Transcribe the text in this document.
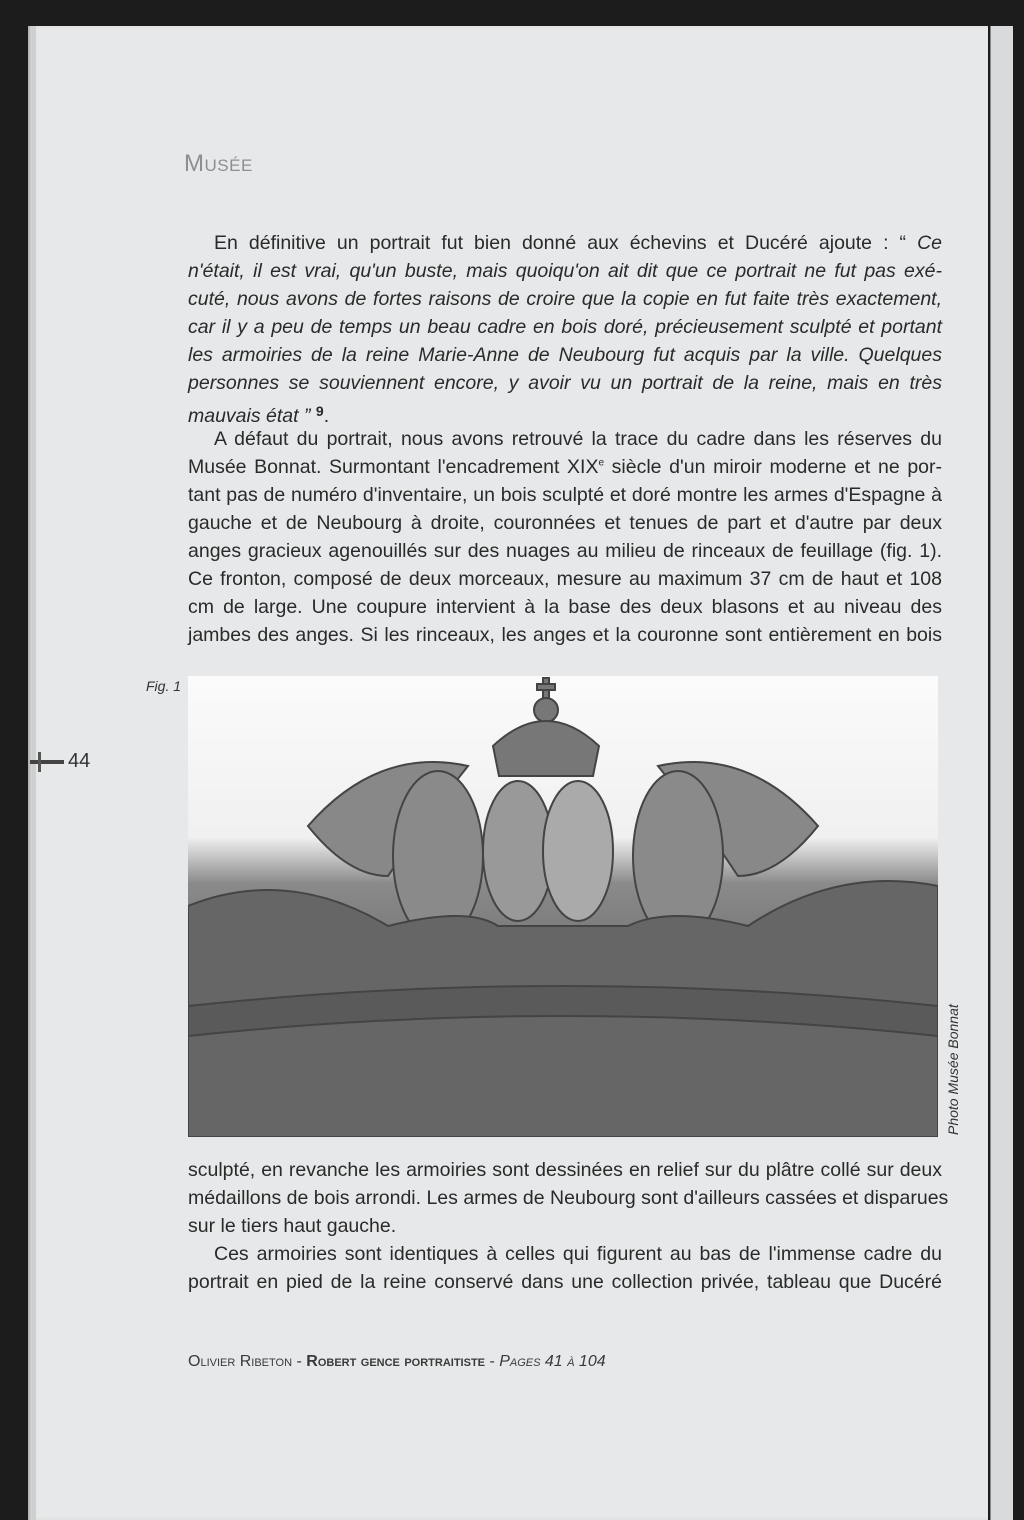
Musée
En définitive un portrait fut bien donné aux échevins et Ducéré ajoute : “ Ce
n'était, il est vrai, qu'un buste, mais quoiqu'on ait dit que ce portrait ne fut pas exé-
cuté, nous avons de fortes raisons de croire que la copie en fut faite très exactement,
car il y a peu de temps un beau cadre en bois doré, précieusement sculpté et portant
les armoiries de la reine Marie-Anne de Neubourg fut acquis par la ville. Quelques
personnes se souviennent encore, y avoir vu un portrait de la reine, mais en très
mauvais état ” $^9$.
A défaut du portrait, nous avons retrouvé la trace du cadre dans les réserves du
Musée Bonnat. Surmontant l'encadrement XIXe siècle d'un miroir moderne et ne por-
tant pas de numéro d'inventaire, un bois sculpté et doré montre les armes d'Espagne à
gauche et de Neubourg à droite, couronnées et tenues de part et d'autre par deux
anges gracieux agenouillés sur des nuages au milieu de rinceaux de feuillage (fig. 1).
Ce fronton, composé de deux morceaux, mesure au maximum 37 cm de haut et 108
cm de large. Une coupure intervient à la base des deux blasons et au niveau des
jambes des anges. Si les rinceaux, les anges et la couronne sont entièrement en bois
Fig. 1
44
Photo Musée Bonnat
sculpté, en revanche les armoiries sont dessinées en relief sur du plâtre collé sur deux
médaillons de bois arrondi. Les armes de Neubourg sont d'ailleurs cassées et disparues
sur le tiers haut gauche.
Ces armoiries sont identiques à celles qui figurent au bas de l'immense cadre du
portrait en pied de la reine conservé dans une collection privée, tableau que Ducéré
Olivier Ribeton - Robert gence portraitiste - Pages 41 à 104
